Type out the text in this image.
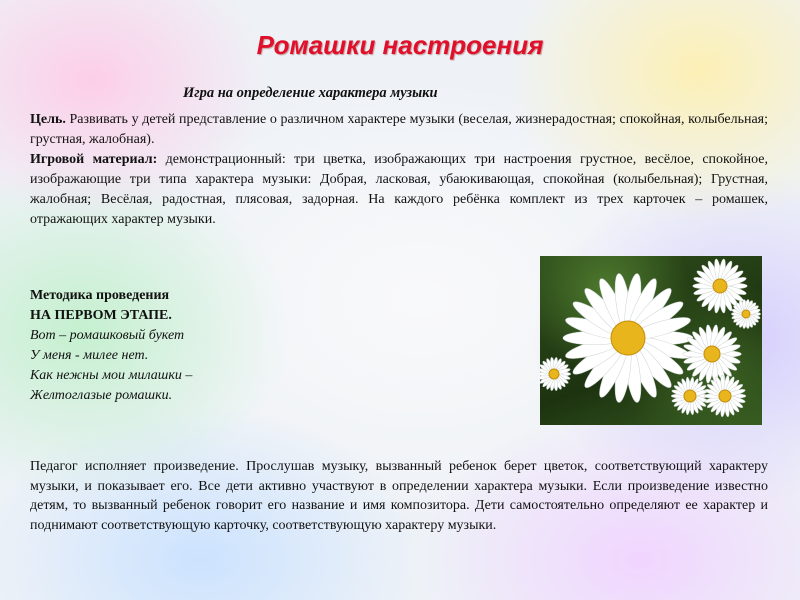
Ромашки настроения
Игра на определение характера музыки
Цель. Развивать у детей представление о различном характере музыки (веселая, жизнерадостная; спокойная, колыбельная; грустная, жалобная).
Игровой материал: демонстрационный: три цветка, изображающих три настроения грустное, весёлое, спокойное, изображающие три типа характера музыки: Добрая, ласковая, убаюкивающая, спокойная (колыбельная); Грустная, жалобная; Весёлая, радостная, плясовая, задорная. На каждого ребёнка комплект из трех карточек – ромашек, отражающих характер музыки.
Методика проведения
НА ПЕРВОМ ЭТАПЕ.
Вот – ромашковый букет
У меня - милее нет.
Как нежны мои милашки –
Желтоглазые ромашки.
Педагог исполняет произведение. Прослушав музыку, вызванный ребенок берет цветок, соответствующий характеру музыки, и показывает его. Все дети активно участвуют в определении характера музыки. Если произведение известно детям, то вызванный ребенок говорит его название и имя композитора. Дети самостоятельно определяют ее характер и поднимают соответствующую карточку, соответствующую характеру музыки.
